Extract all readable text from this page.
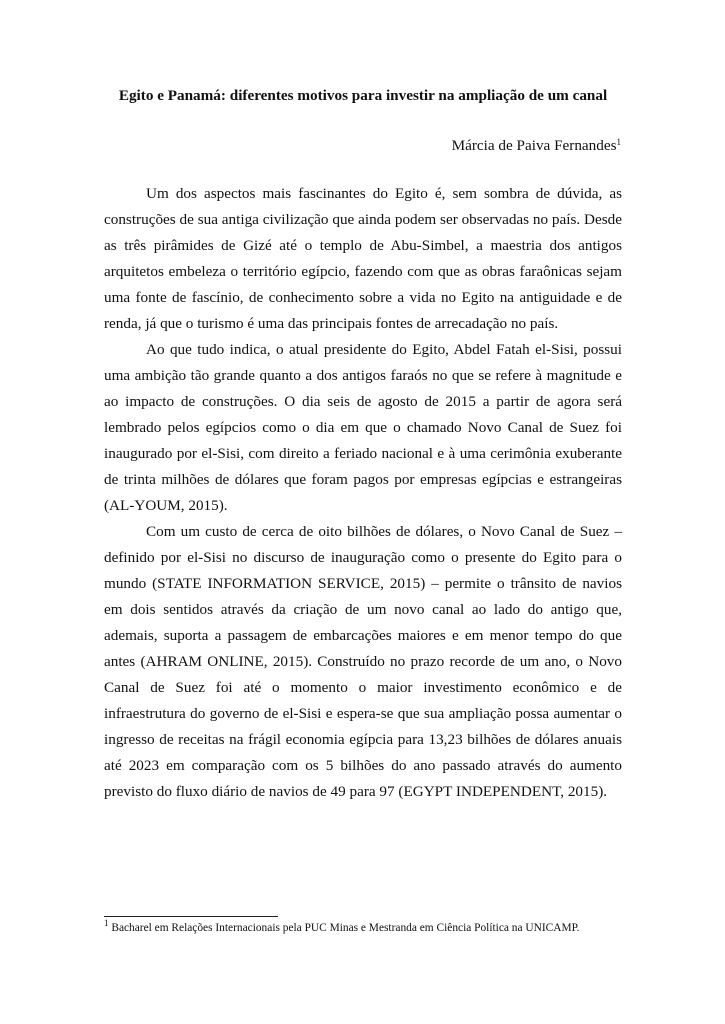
Egito e Panamá: diferentes motivos para investir na ampliação de um canal

Márcia de Paiva Fernandes$^1$

Um dos aspectos mais fascinantes do Egito é, sem sombra de dúvida, as construções de sua antiga civilização que ainda podem ser observadas no país. Desde as três pirâmides de Gizé até o templo de Abu-Simbel, a maestria dos antigos arquitetos embeleza o território egípcio, fazendo com que as obras faraônicas sejam uma fonte de fascínio, de conhecimento sobre a vida no Egito na antiguidade e de renda, já que o turismo é uma das principais fontes de arrecadação no país.

Ao que tudo indica, o atual presidente do Egito, Abdel Fatah el-Sisi, possui uma ambição tão grande quanto a dos antigos faraós no que se refere à magnitude e ao impacto de construções. O dia seis de agosto de 2015 a partir de agora será lembrado pelos egípcios como o dia em que o chamado Novo Canal de Suez foi inaugurado por el-Sisi, com direito a feriado nacional e à uma cerimônia exuberante de trinta milhões de dólares que foram pagos por empresas egípcias e estrangeiras (AL-YOUM, 2015).

Com um custo de cerca de oito bilhões de dólares, o Novo Canal de Suez – definido por el-Sisi no discurso de inauguração como o presente do Egito para o mundo (STATE INFORMATION SERVICE, 2015) – permite o trânsito de navios em dois sentidos através da criação de um novo canal ao lado do antigo que, ademais, suporta a passagem de embarcações maiores e em menor tempo do que antes (AHRAM ONLINE, 2015). Construído no prazo recorde de um ano, o Novo Canal de Suez foi até o momento o maior investimento econômico e de infraestrutura do governo de el-Sisi e espera-se que sua ampliação possa aumentar o ingresso de receitas na frágil economia egípcia para 13,23 bilhões de dólares anuais até 2023 em comparação com os 5 bilhões do ano passado através do aumento previsto do fluxo diário de navios de 49 para 97 (EGYPT INDEPENDENT, 2015).

$^1$ Bacharel em Relações Internacionais pela PUC Minas e Mestranda em Ciência Política na UNICAMP.
